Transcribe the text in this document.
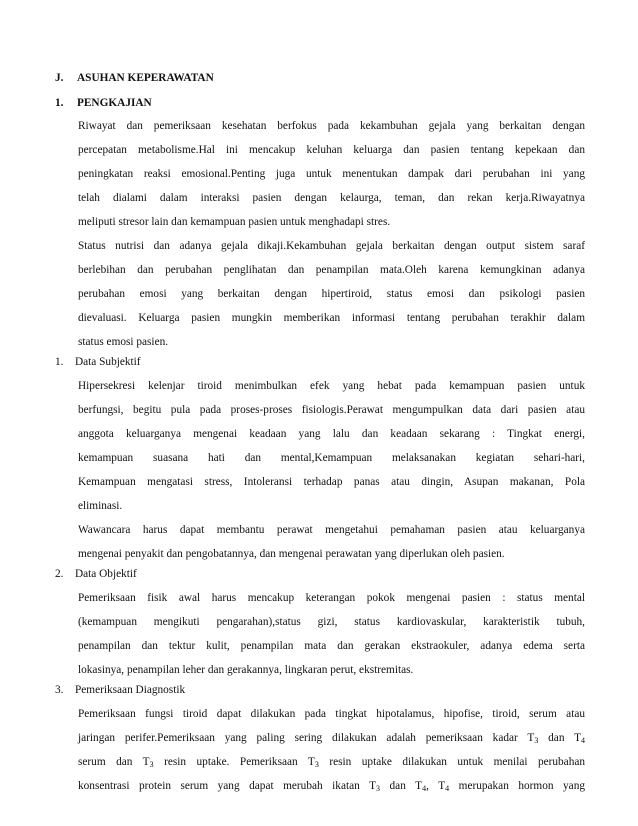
J. ASUHAN KEPERAWATAN
1. PENGKAJIAN
Riwayat dan pemeriksaan kesehatan berfokus pada kekambuhan gejala yang berkaitan dengan
percepatan metabolisme.Hal ini mencakup keluhan keluarga dan pasien tentang kepekaan dan
peningkatan reaksi emosional.Penting juga untuk menentukan dampak dari perubahan ini yang
telah dialami dalam interaksi pasien dengan kelaurga, teman, dan rekan kerja.Riwayatnya
meliputi stresor lain dan kemampuan pasien untuk menghadapi stres.
Status nutrisi dan adanya gejala dikaji.Kekambuhan gejala berkaitan dengan output sistem saraf
berlebihan dan perubahan penglihatan dan penampilan mata.Oleh karena kemungkinan adanya
perubahan emosi yang berkaitan dengan hipertiroid, status emosi dan psikologi pasien
dievaluasi. Keluarga pasien mungkin memberikan informasi tentang perubahan terakhir dalam
status emosi pasien.
1. Data Subjektif
Hipersekresi kelenjar tiroid menimbulkan efek yang hebat pada kemampuan pasien untuk
berfungsi, begitu pula pada proses-proses fisiologis.Perawat mengumpulkan data dari pasien atau
anggota keluarganya mengenai keadaan yang lalu dan keadaan sekarang : Tingkat energi,
kemampuan suasana hati dan mental,Kemampuan melaksanakan kegiatan sehari-hari,
Kemampuan mengatasi stress, Intoleransi terhadap panas atau dingin, Asupan makanan, Pola
eliminasi.
Wawancara harus dapat membantu perawat mengetahui pemahaman pasien atau keluarganya
mengenai penyakit dan pengobatannya, dan mengenai perawatan yang diperlukan oleh pasien.
2. Data Objektif
Pemeriksaan fisik awal harus mencakup keterangan pokok mengenai pasien : status mental
(kemampuan mengikuti pengarahan),status gizi, status kardiovaskular, karakteristik tubuh,
penampilan dan tektur kulit, penampilan mata dan gerakan ekstraokuler, adanya edema serta
lokasinya, penampilan leher dan gerakannya, lingkaran perut, ekstremitas.
3. Pemeriksaan Diagnostik
Pemeriksaan fungsi tiroid dapat dilakukan pada tingkat hipotalamus, hipofise, tiroid, serum atau
jaringan perifer.Pemeriksaan yang paling sering dilakukan adalah pemeriksaan kadar $T_3$ dan $T_4$
serum dan $T_3$ resin uptake. Pemeriksaan $T_3$ resin uptake dilakukan untuk menilai perubahan
konsentrasi protein serum yang dapat merubah ikatan $T_3$ dan $T_4$, $T_4$ merupakan hormon yang
